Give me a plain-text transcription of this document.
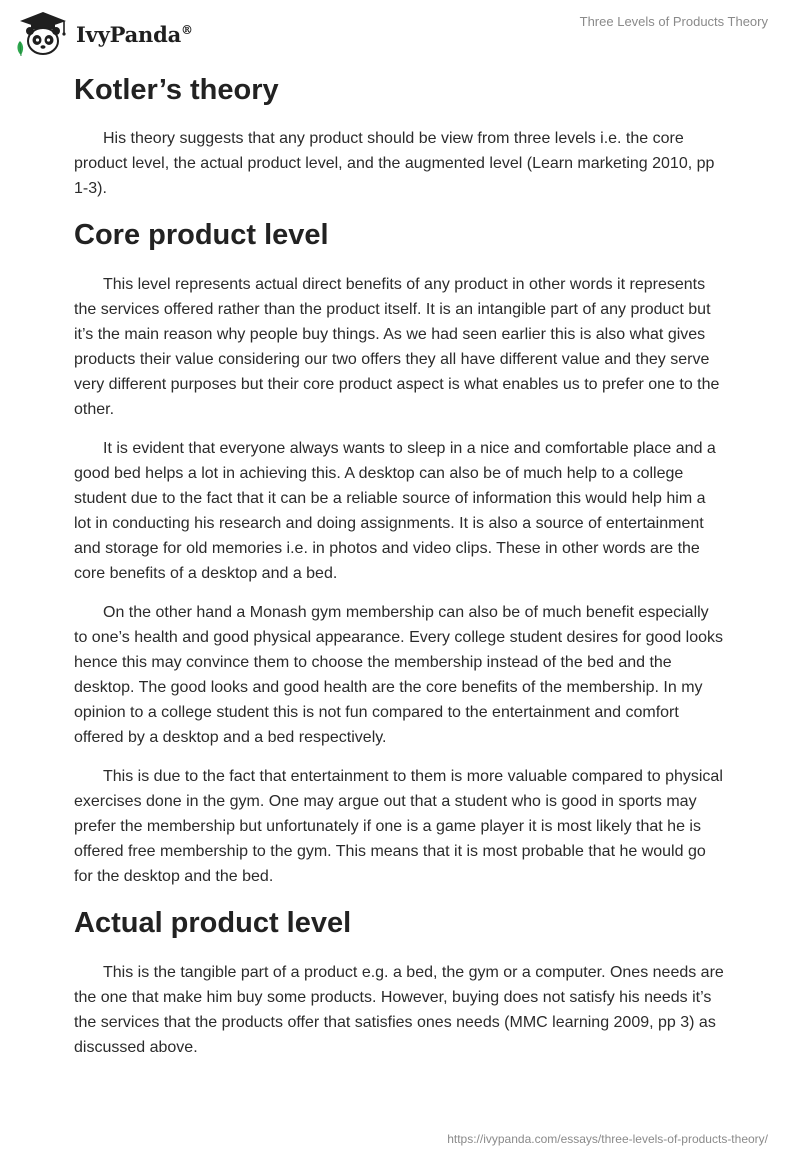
IvyPanda®
Three Levels of Products Theory
Kotler’s theory

His theory suggests that any product should be view from three levels i.e. the core product level, the actual product level, and the augmented level (Learn marketing 2010, pp 1-3).

Core product level

This level represents actual direct benefits of any product in other words it represents the services offered rather than the product itself. It is an intangible part of any product but it’s the main reason why people buy things. As we had seen earlier this is also what gives products their value considering our two offers they all have different value and they serve very different purposes but their core product aspect is what enables us to prefer one to the other.

It is evident that everyone always wants to sleep in a nice and comfortable place and a good bed helps a lot in achieving this. A desktop can also be of much help to a college student due to the fact that it can be a reliable source of information this would help him a lot in conducting his research and doing assignments. It is also a source of entertainment and storage for old memories i.e. in photos and video clips. These in other words are the core benefits of a desktop and a bed.

On the other hand a Monash gym membership can also be of much benefit especially to one’s health and good physical appearance. Every college student desires for good looks hence this may convince them to choose the membership instead of the bed and the desktop. The good looks and good health are the core benefits of the membership. In my opinion to a college student this is not fun compared to the entertainment and comfort offered by a desktop and a bed respectively.

This is due to the fact that entertainment to them is more valuable compared to physical exercises done in the gym. One may argue out that a student who is good in sports may prefer the membership but unfortunately if one is a game player it is most likely that he is offered free membership to the gym. This means that it is most probable that he would go for the desktop and the bed.

Actual product level

This is the tangible part of a product e.g. a bed, the gym or a computer. Ones needs are the one that make him buy some products. However, buying does not satisfy his needs it’s the services that the products offer that satisfies ones needs (MMC learning 2009, pp 3) as discussed above.

https://ivypanda.com/essays/three-levels-of-products-theory/
